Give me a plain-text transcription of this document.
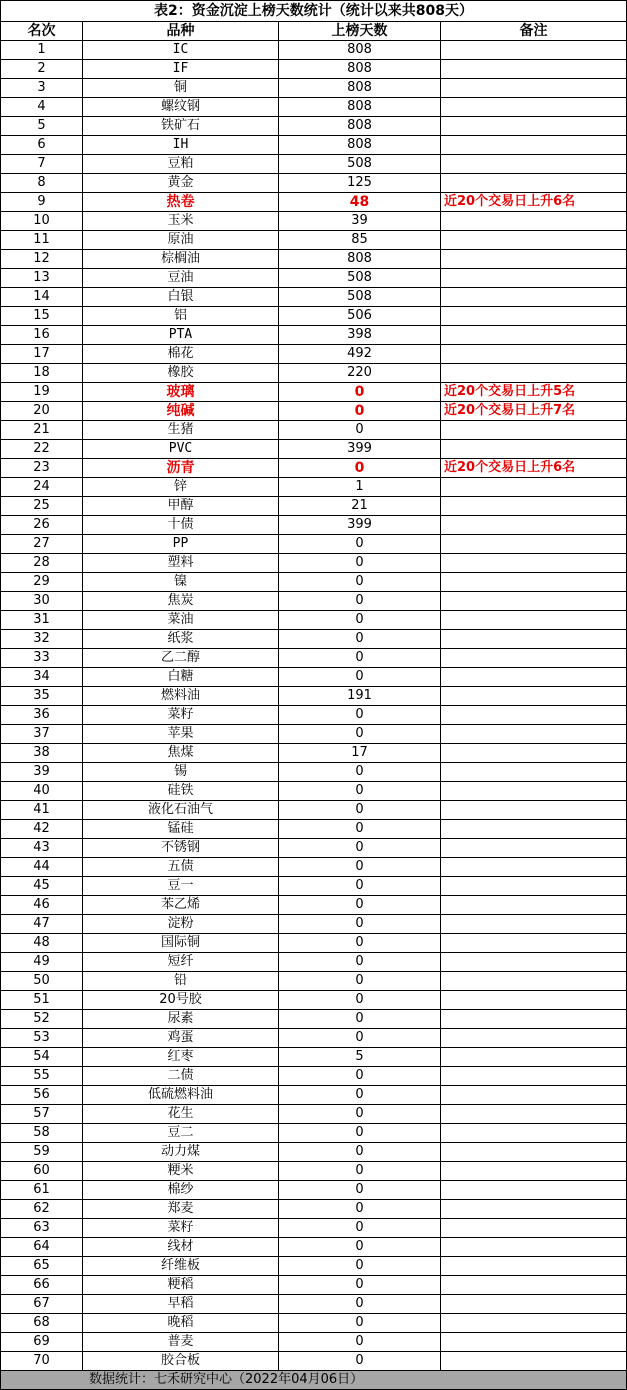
表2：资金沉淀上榜天数统计（统计以来共808天）			
名次	品种	上榜天数	备注
1	IC	808	
2	IF	808	
3	铜	808	
4	螺纹钢	808	
5	铁矿石	808	
6	IH	808	
7	豆粕	508	
8	黄金	125	
9	热卷	48	近20个交易日上升6名
10	玉米	39	
11	原油	85	
12	棕榈油	808	
13	豆油	508	
14	白银	508	
15	铝	506	
16	PTA	398	
17	棉花	492	
18	橡胶	220	
19	玻璃	0	近20个交易日上升5名
20	纯碱	0	近20个交易日上升7名
21	生猪	0	
22	PVC	399	
23	沥青	0	近20个交易日上升6名
24	锌	1	
25	甲醇	21	
26	十债	399	
27	PP	0	
28	塑料	0	
29	镍	0	
30	焦炭	0	
31	菜油	0	
32	纸浆	0	
33	乙二醇	0	
34	白糖	0	
35	燃料油	191	
36	菜籽	0	
37	苹果	0	
38	焦煤	17	
39	锡	0	
40	硅铁	0	
41	液化石油气	0	
42	锰硅	0	
43	不锈钢	0	
44	五债	0	
45	豆一	0	
46	苯乙烯	0	
47	淀粉	0	
48	国际铜	0	
49	短纤	0	
50	铅	0	
51	20号胶	0	
52	尿素	0	
53	鸡蛋	0	
54	红枣	5	
55	二债	0	
56	低硫燃料油	0	
57	花生	0	
58	豆二	0	
59	动力煤	0	
60	粳米	0	
61	棉纱	0	
62	郑麦	0	
63	菜籽	0	
64	线材	0	
65	纤维板	0	
66	粳稻	0	
67	早稻	0	
68	晚稻	0	
69	普麦	0	
70	胶合板	0	
数据统计：七禾研究中心（2022年04月06日）			
